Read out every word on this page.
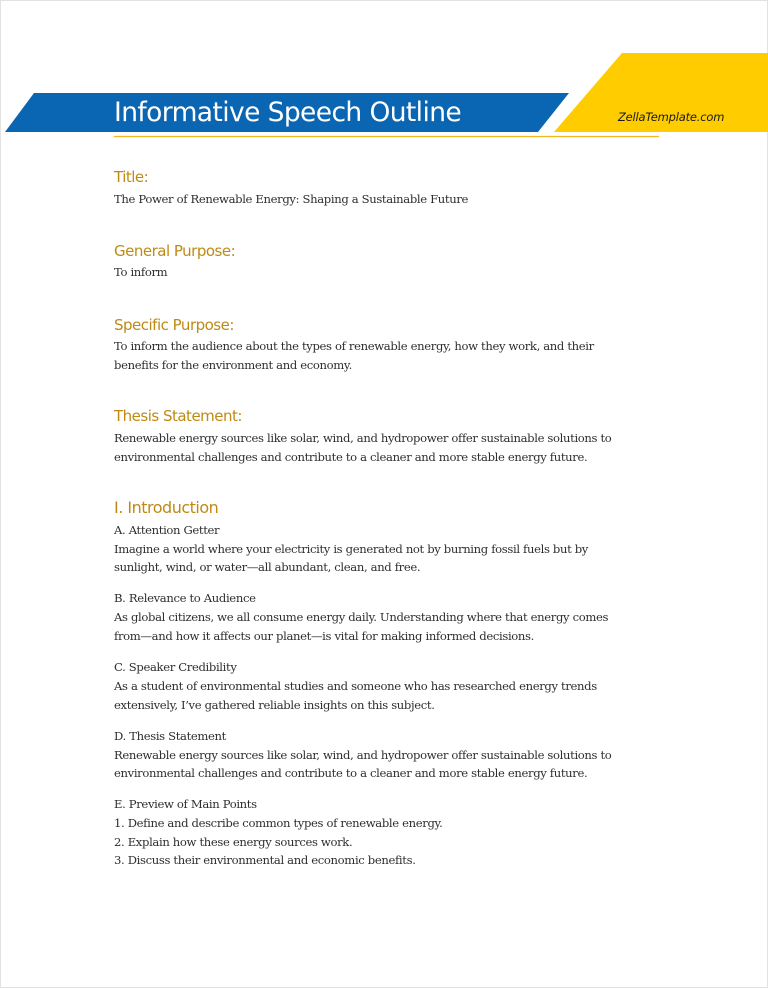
Informative Speech Outline	ZellaTemplate.com
Title:
The Power of Renewable Energy: Shaping a Sustainable Future
General Purpose:
To inform
Specific Purpose:
To inform the audience about the types of renewable energy, how they work, and their
benefits for the environment and economy.
Thesis Statement:
Renewable energy sources like solar, wind, and hydropower offer sustainable solutions to
environmental challenges and contribute to a cleaner and more stable energy future.
I. Introduction
A. Attention Getter
Imagine a world where your electricity is generated not by burning fossil fuels but by
sunlight, wind, or water—all abundant, clean, and free.
B. Relevance to Audience
As global citizens, we all consume energy daily. Understanding where that energy comes
from—and how it affects our planet—is vital for making informed decisions.
C. Speaker Credibility
As a student of environmental studies and someone who has researched energy trends
extensively, I’ve gathered reliable insights on this subject.
D. Thesis Statement
Renewable energy sources like solar, wind, and hydropower offer sustainable solutions to
environmental challenges and contribute to a cleaner and more stable energy future.
E. Preview of Main Points
1. Define and describe common types of renewable energy.
2. Explain how these energy sources work.
3. Discuss their environmental and economic benefits.
